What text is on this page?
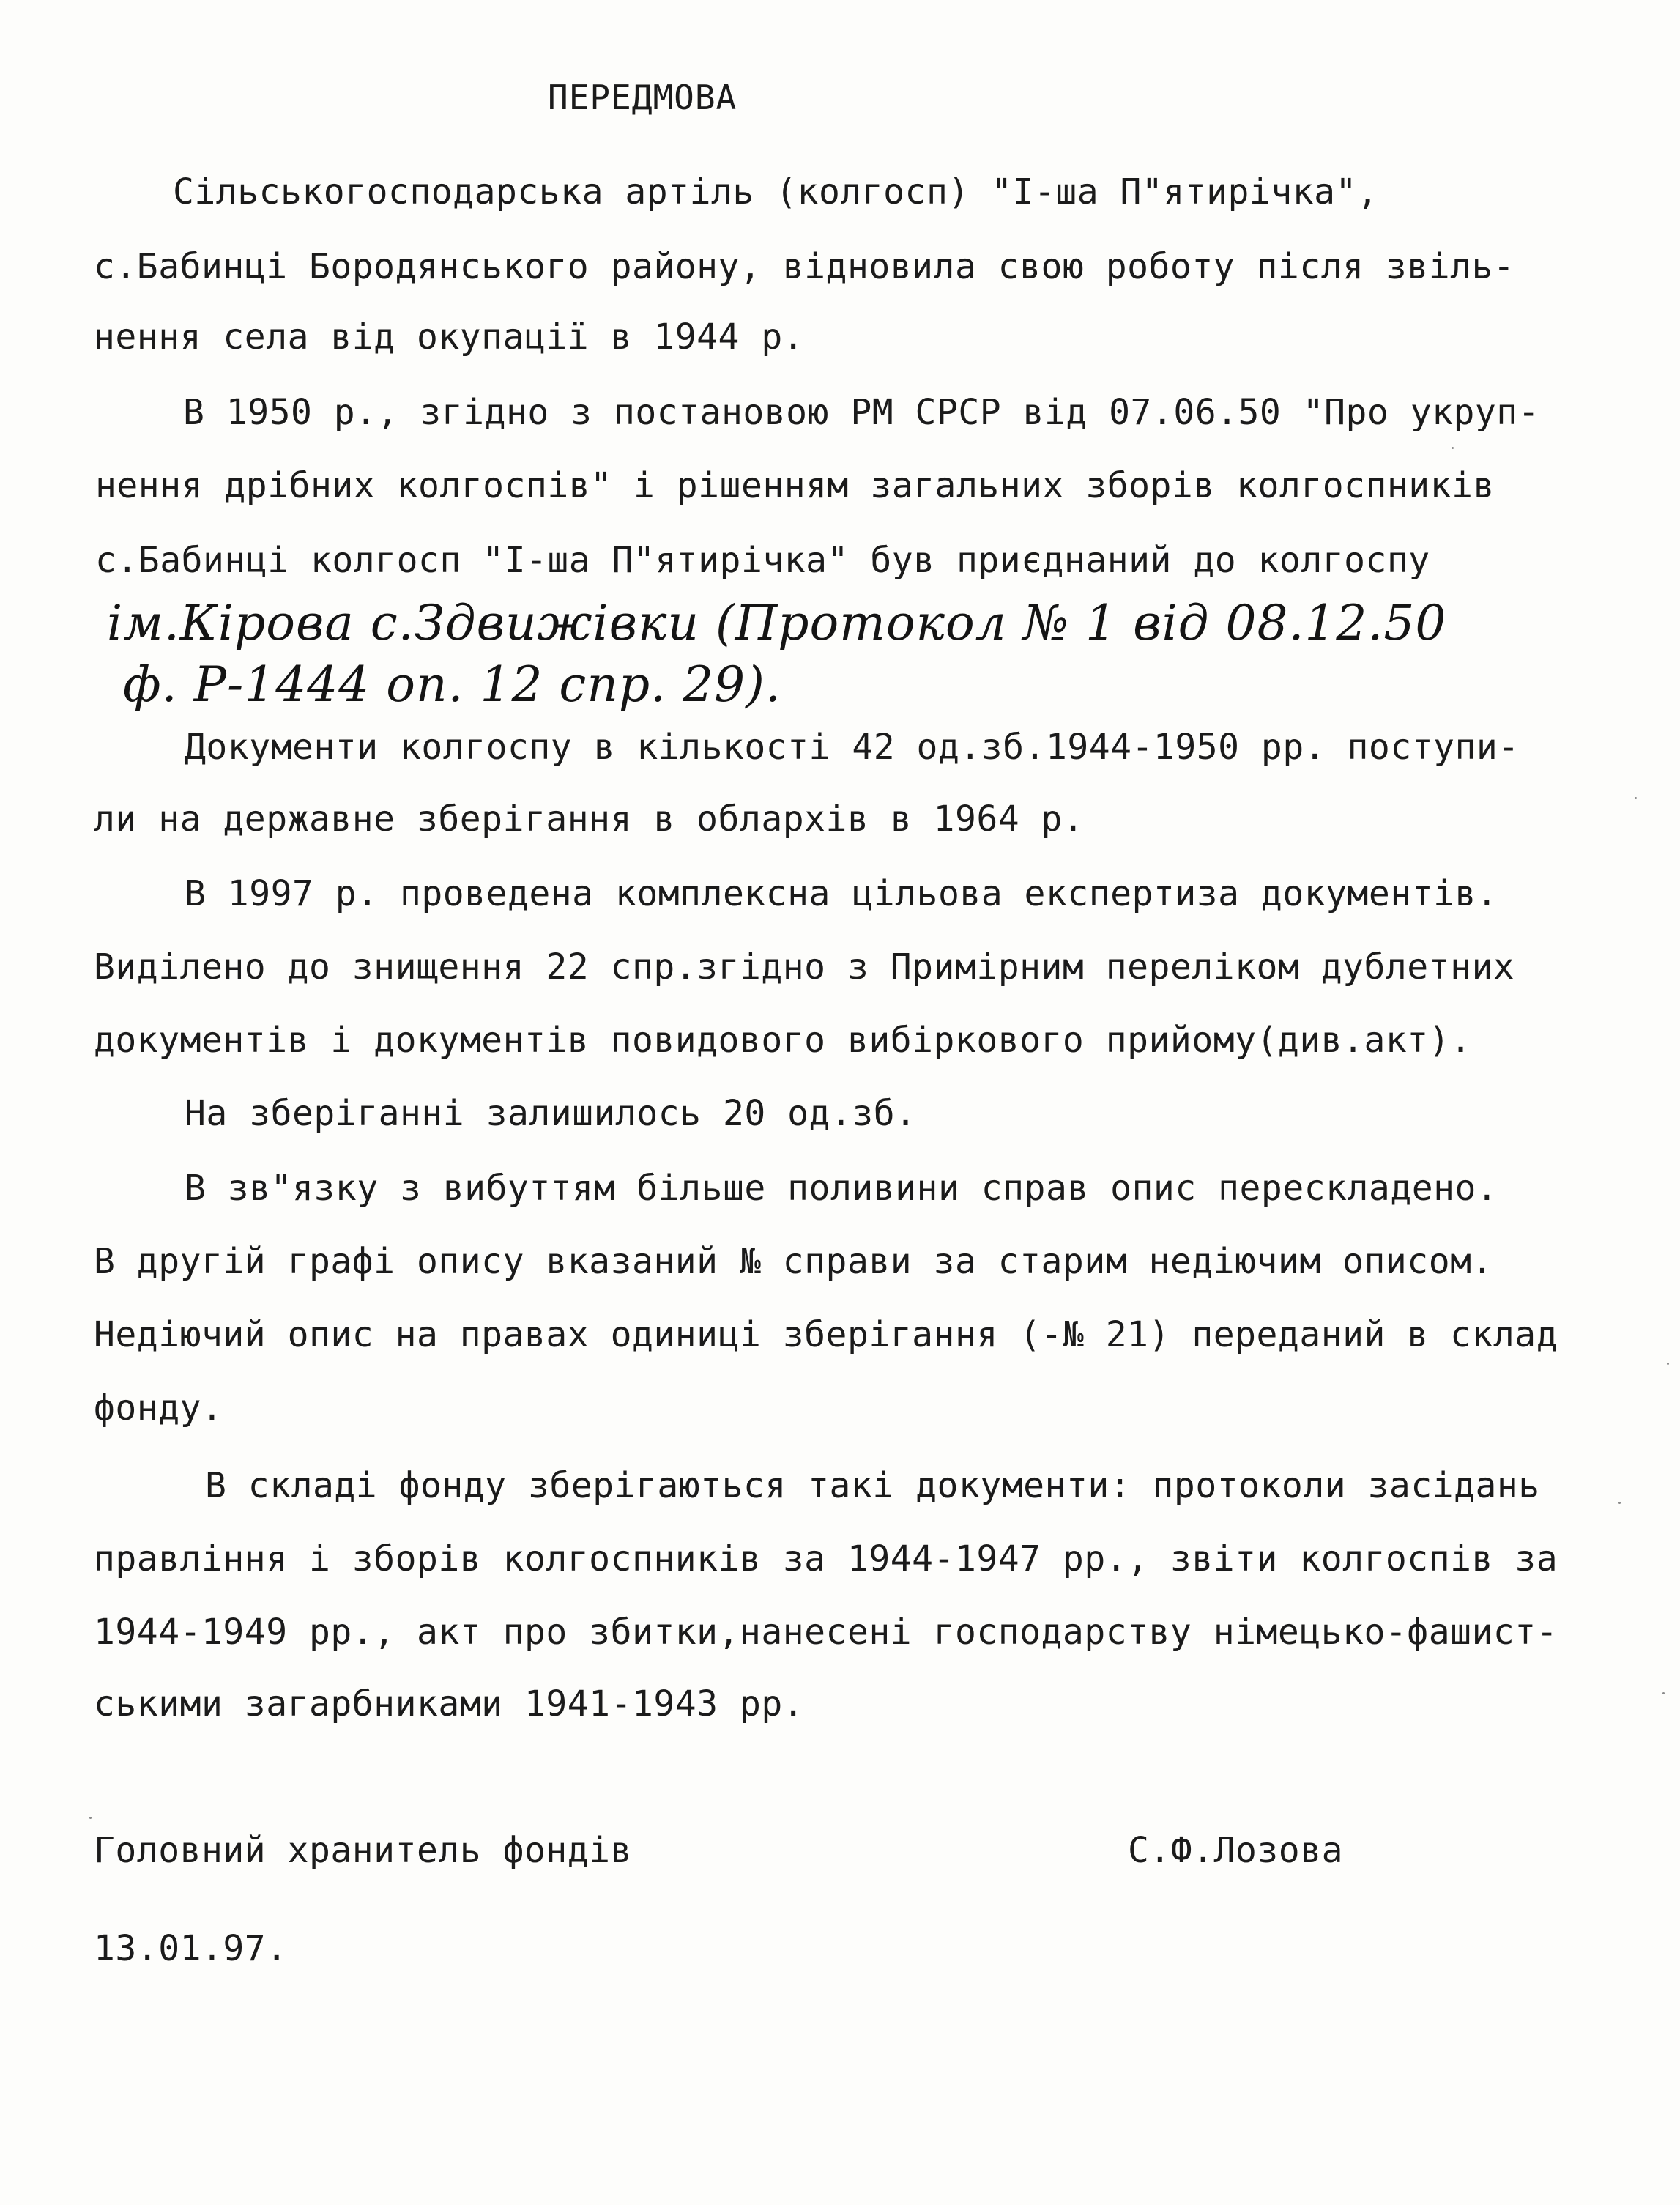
ПЕРЕДМОВА
Сільськогосподарська артіль (колгосп) "І-ша П"ятирічка",
с.Бабинці Бородянського району, відновила свою роботу після звіль-
нення села від окупації в 1944 р.
В 1950 р., згідно з постановою РМ СРСР від 07.06.50 "Про укруп-
нення дрібних колгоспів" і рішенням загальних зборів колгоспників
с.Бабинці колгосп "І-ша П"ятирічка" був приєднаний до колгоспу
ім.Кірова с.Здвижівки (Протокол № 1 від 08.12.50
ф. Р-1444 оп. 12 спр. 29).
Документи колгоспу в кількості 42 од.зб.1944-1950 рр. поступи-
ли на державне зберігання в облархів в 1964 р.
В 1997 р. проведена комплексна цільова експертиза документів.
Виділено до знищення 22 спр.згідно з Примірним переліком дублетних
документів і документів повидового вибіркового прийому(див.акт).
На зберіганні залишилось 20 од.зб.
В зв"язку з вибуттям більше поливини справ опис перескладено.
В другій графі опису вказаний № справи за старим недіючим описом.
Недіючий опис на правах одиниці зберігання (-№ 21) переданий в склад
фонду.
В складі фонду зберігаються такі документи: протоколи засідань
правління і зборів колгоспників за 1944-1947 рр., звіти колгоспів за
1944-1949 рр., акт про збитки,нанесені господарству німецько-фашист-
ськими загарбниками 1941-1943 рр.
Головний хранитель фондів	С.Ф.Лозова
13.01.97.
